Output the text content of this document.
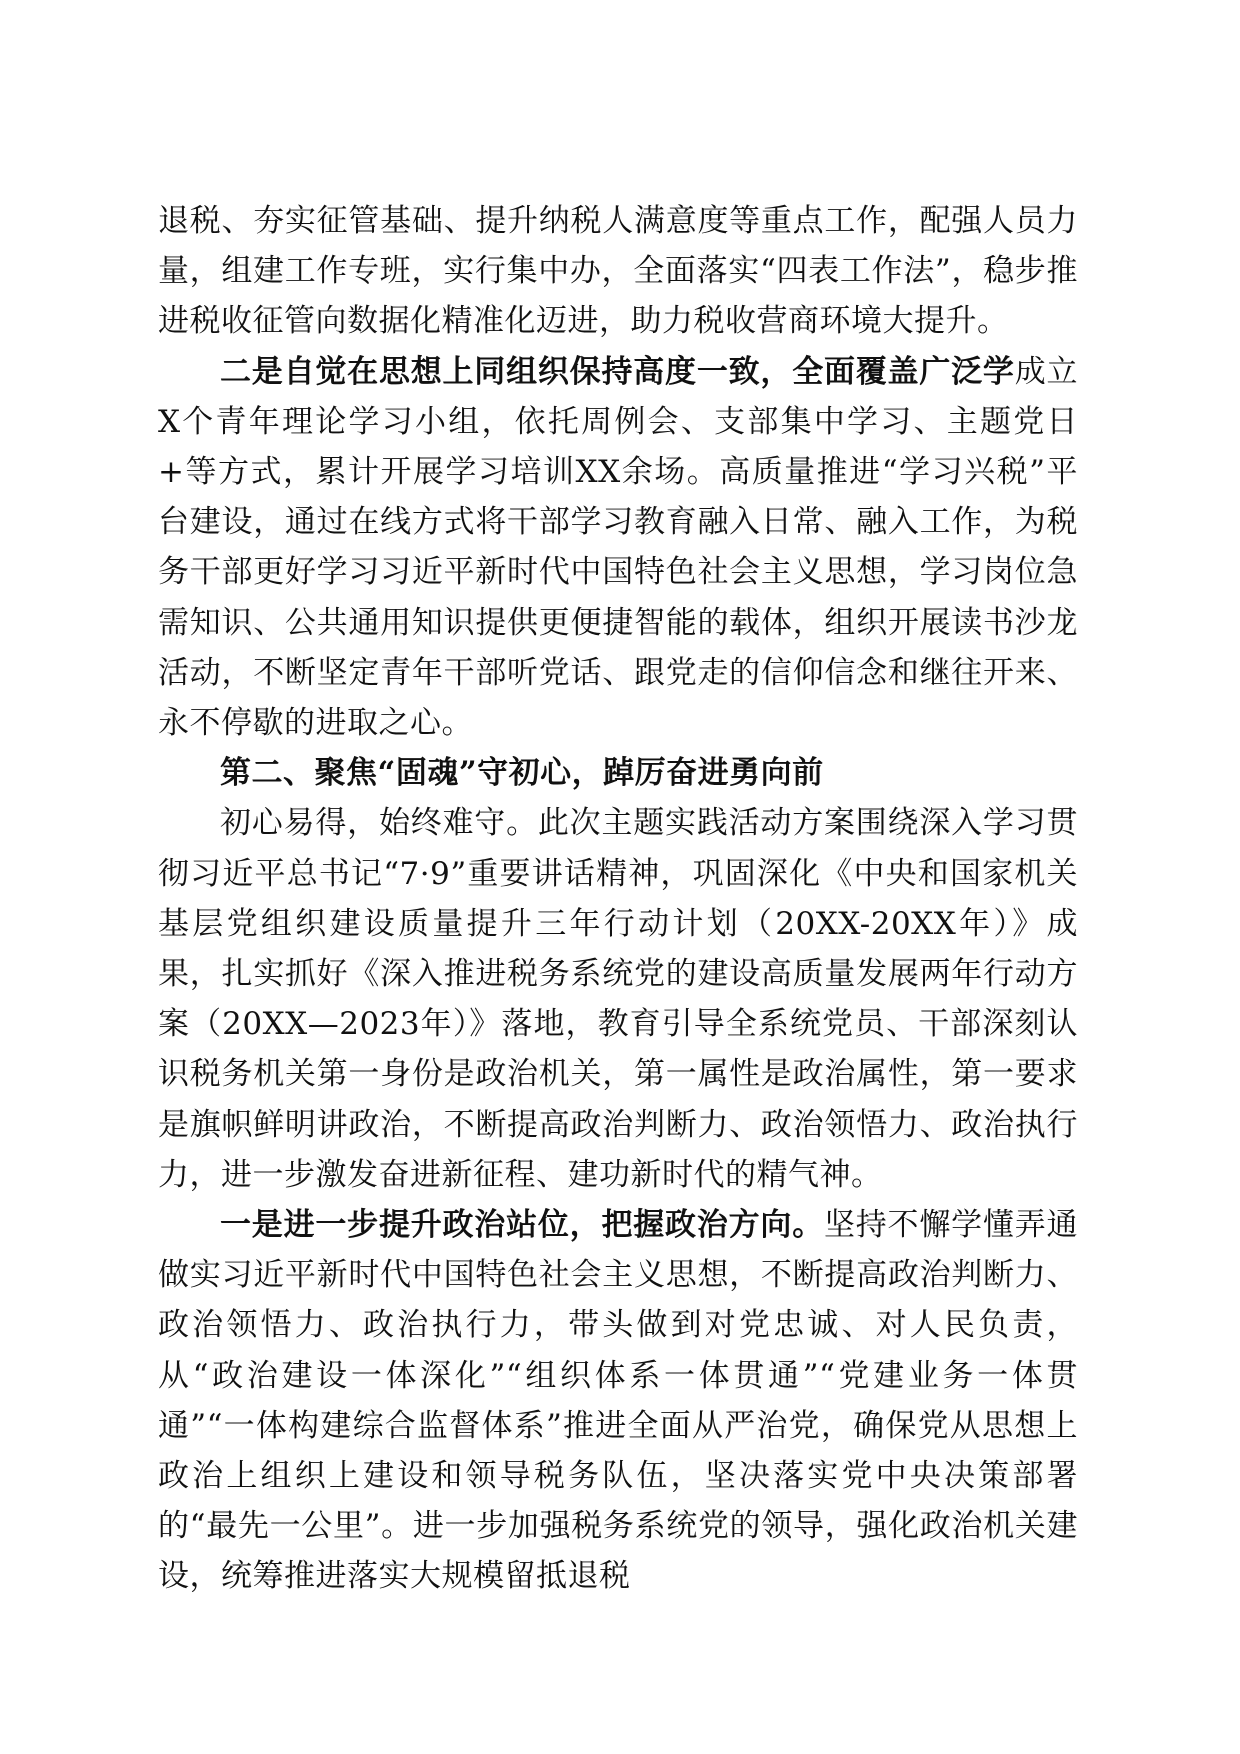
退税、夯实征管基础、提升纳税人满意度等重点工作，配强人员力量，组建工作专班，实行集中办，全面落实“四表工作法”，稳步推进税收征管向数据化精准化迈进，助力税收营商环境大提升。

二是自觉在思想上同组织保持高度一致，全面覆盖广泛学成立X个青年理论学习小组，依托周例会、支部集中学习、主题党日+等方式，累计开展学习培训XX余场。高质量推进“学习兴税”平台建设，通过在线方式将干部学习教育融入日常、融入工作，为税务干部更好学习习近平新时代中国特色社会主义思想，学习岗位急需知识、公共通用知识提供更便捷智能的载体，组织开展读书沙龙活动，不断坚定青年干部听党话、跟党走的信仰信念和继往开来、永不停歇的进取之心。

第二、聚焦“固魂”守初心，踔厉奋进勇向前

初心易得，始终难守。此次主题实践活动方案围绕深入学习贯彻习近平总书记“7·9”重要讲话精神，巩固深化《中央和国家机关基层党组织建设质量提升三年行动计划（20XX-20XX年）》成果，扎实抓好《深入推进税务系统党的建设高质量发展两年行动方案（20XX—2023年）》落地，教育引导全系统党员、干部深刻认识税务机关第一身份是政治机关，第一属性是政治属性，第一要求是旗帜鲜明讲政治，不断提高政治判断力、政治领悟力、政治执行力，进一步激发奋进新征程、建功新时代的精气神。

一是进一步提升政治站位，把握政治方向。坚持不懈学懂弄通做实习近平新时代中国特色社会主义思想，不断提高政治判断力、政治领悟力、政治执行力，带头做到对党忠诚、对人民负责，从“政治建设一体深化”“组织体系一体贯通”“党建业务一体贯通”“一体构建综合监督体系”推进全面从严治党，确保党从思想上政治上组织上建设和领导税务队伍，坚决落实党中央决策部署的“最先一公里”。进一步加强税务系统党的领导，强化政治机关建设，统筹推进落实大规模留抵退税
